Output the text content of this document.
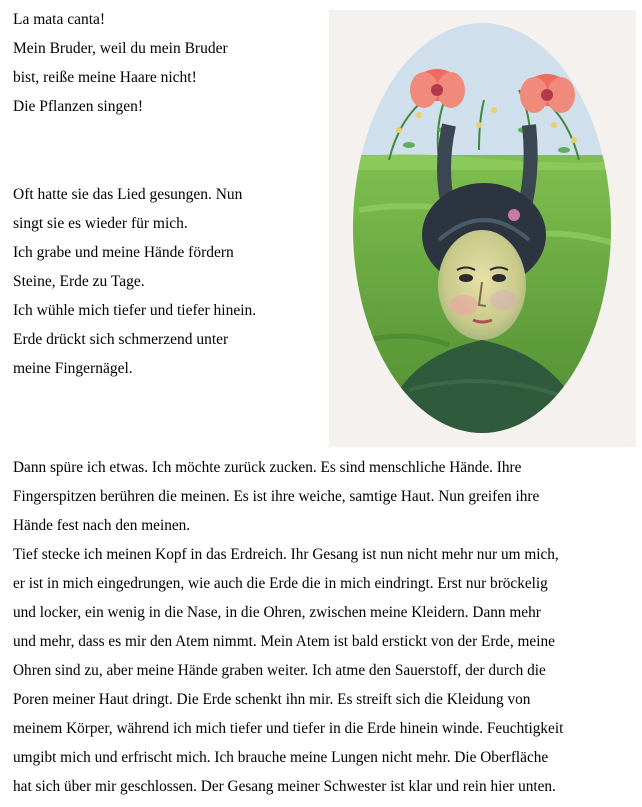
La mata canta!
Mein Bruder, weil du mein Bruder
bist, reiße meine Haare nicht!
Die Pflanzen singen!
Oft hatte sie das Lied gesungen. Nun
singt sie es wieder für mich.
Ich grabe und meine Hände fördern
Steine, Erde zu Tage.
Ich wühle mich tiefer und tiefer hinein.
Erde drückt sich schmerzend unter
meine Fingernägel.
Dann spüre ich etwas. Ich möchte zurück zucken. Es sind menschliche Hände. Ihre
Fingerspitzen berühren die meinen. Es ist ihre weiche, samtige Haut. Nun greifen ihre
Hände fest nach den meinen.
Tief stecke ich meinen Kopf in das Erdreich. Ihr Gesang ist nun nicht mehr nur um mich,
er ist in mich eingedrungen, wie auch die Erde die in mich eindringt. Erst nur bröckelig
und locker, ein wenig in die Nase, in die Ohren, zwischen meine Kleidern. Dann mehr
und mehr, dass es mir den Atem nimmt. Mein Atem ist bald erstickt von der Erde, meine
Ohren sind zu, aber meine Hände graben weiter. Ich atme den Sauerstoff, der durch die
Poren meiner Haut dringt. Die Erde schenkt ihn mir. Es streift sich die Kleidung von
meinem Körper, während ich mich tiefer und tiefer in die Erde hinein winde. Feuchtigkeit
umgibt mich und erfrischt mich. Ich brauche meine Lungen nicht mehr. Die Oberfläche
hat sich über mir geschlossen. Der Gesang meiner Schwester ist klar und rein hier unten.
